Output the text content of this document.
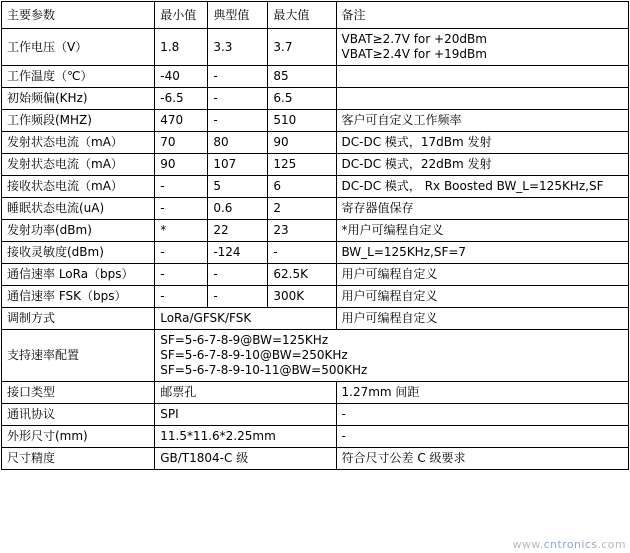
主要参数	最小值	典型值	最大值	备注
工作电压（V）	1.8	3.3	3.7	VBAT≥2.7V for +20dBm
VBAT≥2.4V for +19dBm

工作温度（℃）	-40	-	85	
初始频偏(KHz)	-6.5	-	6.5	
工作频段(MHZ)	470	-	510	客户可自定义工作频率
发射状态电流（mA）	70	80	90	DC-DC 模式，17dBm 发射
发射状态电流（mA）	90	107	125	DC-DC 模式，22dBm 发射
接收状态电流（mA）	-	5	6	DC-DC 模式， Rx Boosted BW_L=125KHz,SF
睡眠状态电流(uA)	-	0.6	2	寄存器值保存
发射功率(dBm)	*	22	23	*用户可编程自定义
接收灵敏度(dBm)	-	-124	-	BW_L=125KHz,SF=7
通信速率 LoRa（bps）	-	-	62.5K	用户可编程自定义
通信速率 FSK（bps）	-	-	300K	用户可编程自定义
调制方式	LoRa/GFSK/FSK			用户可编程自定义
支持速率配置	SF=5-6-7-8-9@BW=125KHz
SF=5-6-7-8-9-10@BW=250KHz
SF=5-6-7-8-9-10-11@BW=500KHz			

接口类型	邮票孔			1.27mm 间距
通讯协议	SPI			-
外形尺寸(mm)	11.5*11.6*2.25mm			-
尺寸精度	GB/T1804-C 级			符合尺寸公差 C 级要求
www.cntronics.com
